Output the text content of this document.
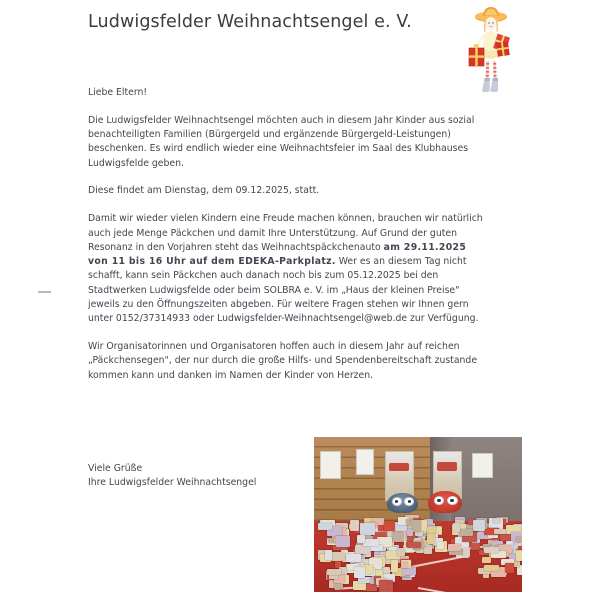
Ludwigsfelder Weihnachtsengel e. V.
Liebe Eltern!

Die Ludwigsfelder Weihnachtsengel möchten auch in diesem Jahr Kinder aus sozial benachteiligten Familien (Bürgergeld und ergänzende Bürgergeld-Leistungen) beschenken. Es wird endlich wieder eine Weihnachtsfeier im Saal des Klubhauses Ludwigsfelde geben.

Diese findet am Dienstag, dem 09.12.2025, statt.

Damit wir wieder vielen Kindern eine Freude machen können, brauchen wir natürlich auch jede Menge Päckchen und damit Ihre Unterstützung. Auf Grund der guten Resonanz in den Vorjahren steht das Weihnachtspäckchenauto am 29.11.2025 von 11 bis 16 Uhr auf dem EDEKA-Parkplatz. Wer es an diesem Tag nicht schafft, kann sein Päckchen auch danach noch bis zum 05.12.2025 bei den Stadtwerken Ludwigsfelde oder beim SOLBRA e. V. im „Haus der kleinen Preise" jeweils zu den Öffnungszeiten abgeben. Für weitere Fragen stehen wir Ihnen gern unter 0152/37314933 oder Ludwigsfelder-Weihnachtsengel@web.de zur Verfügung.

Wir Organisatorinnen und Organisatoren hoffen auch in diesem Jahr auf reichen „Päckchensegen", der nur durch die große Hilfs- und Spendenbereitschaft zustande kommen kann und danken im Namen der Kinder von Herzen.

Viele Grüße
Ihre Ludwigsfelder Weihnachtsengel
